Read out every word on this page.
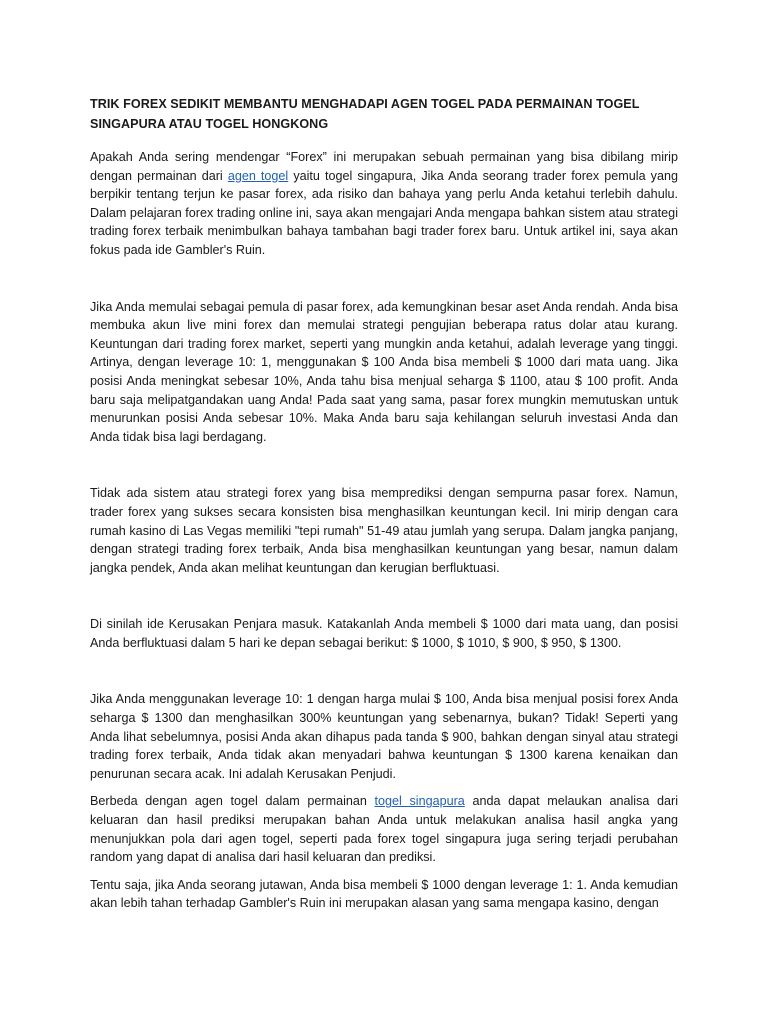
TRIK FOREX SEDIKIT MEMBANTU MENGHADAPI AGEN TOGEL PADA PERMAINAN TOGEL SINGAPURA ATAU TOGEL HONGKONG

Apakah Anda sering mendengar “Forex” ini merupakan sebuah permainan yang bisa dibilang mirip dengan permainan dari agen togel yaitu togel singapura, Jika Anda seorang trader forex pemula yang berpikir tentang terjun ke pasar forex, ada risiko dan bahaya yang perlu Anda ketahui terlebih dahulu. Dalam pelajaran forex trading online ini, saya akan mengajari Anda mengapa bahkan sistem atau strategi trading forex terbaik menimbulkan bahaya tambahan bagi trader forex baru. Untuk artikel ini, saya akan fokus pada ide Gambler's Ruin.

Jika Anda memulai sebagai pemula di pasar forex, ada kemungkinan besar aset Anda rendah. Anda bisa membuka akun live mini forex dan memulai strategi pengujian beberapa ratus dolar atau kurang. Keuntungan dari trading forex market, seperti yang mungkin anda ketahui, adalah leverage yang tinggi. Artinya, dengan leverage 10: 1, menggunakan $ 100 Anda bisa membeli $ 1000 dari mata uang. Jika posisi Anda meningkat sebesar 10%, Anda tahu bisa menjual seharga $ 1100, atau $ 100 profit. Anda baru saja melipatgandakan uang Anda! Pada saat yang sama, pasar forex mungkin memutuskan untuk menurunkan posisi Anda sebesar 10%. Maka Anda baru saja kehilangan seluruh investasi Anda dan Anda tidak bisa lagi berdagang.

Tidak ada sistem atau strategi forex yang bisa memprediksi dengan sempurna pasar forex. Namun, trader forex yang sukses secara konsisten bisa menghasilkan keuntungan kecil. Ini mirip dengan cara rumah kasino di Las Vegas memiliki "tepi rumah" 51-49 atau jumlah yang serupa. Dalam jangka panjang, dengan strategi trading forex terbaik, Anda bisa menghasilkan keuntungan yang besar, namun dalam jangka pendek, Anda akan melihat keuntungan dan kerugian berfluktuasi.

Di sinilah ide Kerusakan Penjara masuk. Katakanlah Anda membeli $ 1000 dari mata uang, dan posisi Anda berfluktuasi dalam 5 hari ke depan sebagai berikut: $ 1000, $ 1010, $ 900, $ 950, $ 1300.

Jika Anda menggunakan leverage 10: 1 dengan harga mulai $ 100, Anda bisa menjual posisi forex Anda seharga $ 1300 dan menghasilkan 300% keuntungan yang sebenarnya, bukan? Tidak! Seperti yang Anda lihat sebelumnya, posisi Anda akan dihapus pada tanda $ 900, bahkan dengan sinyal atau strategi trading forex terbaik, Anda tidak akan menyadari bahwa keuntungan $ 1300 karena kenaikan dan penurunan secara acak. Ini adalah Kerusakan Penjudi.

Berbeda dengan agen togel dalam permainan togel singapura anda dapat melaukan analisa dari keluaran dan hasil prediksi merupakan bahan Anda untuk melakukan analisa hasil angka yang menunjukkan pola dari agen togel, seperti pada forex togel singapura juga sering terjadi perubahan random yang dapat di analisa dari hasil keluaran dan prediksi.

Tentu saja, jika Anda seorang jutawan, Anda bisa membeli $ 1000 dengan leverage 1: 1. Anda kemudian akan lebih tahan terhadap Gambler's Ruin ini merupakan alasan yang sama mengapa kasino, dengan
